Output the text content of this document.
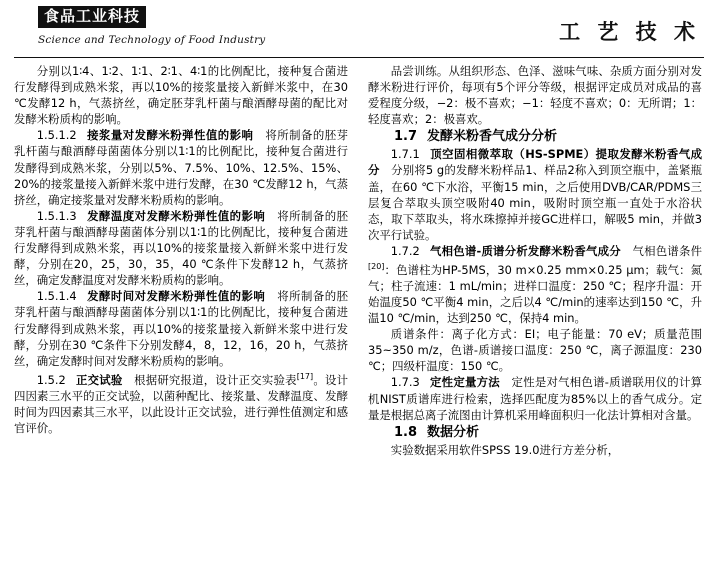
食品工业科技
Science and Technology of Food Industry	工 艺 技 术

分别以1∶4、1∶2、1∶1、2∶1、4∶1的比例配比，接种复合菌进行发酵得到成熟米浆，再以10%的接浆量接入新鲜米浆中，在30 ℃发酵12 h，气蒸挤丝，确定胚芽乳杆菌与酿酒酵母菌的配比对发酵米粉质构的影响。

1.5.1.2 接浆量对发酵米粉弹性值的影响　将所制备的胚芽乳杆菌与酿酒酵母菌菌体分别以1∶1的比例配比，接种复合菌进行发酵得到成熟米浆，分别以5%、7.5%、10%、12.5%、15%、20%的接浆量接入新鲜米浆中进行发酵，在30 ℃发酵12 h，气蒸挤丝，确定接浆量对发酵米粉质构的影响。

1.5.1.3 发酵温度对发酵米粉弹性值的影响　将所制备的胚芽乳杆菌与酿酒酵母菌菌体分别以1∶1的比例配比，接种复合菌进行发酵得到成熟米浆，再以10%的接浆量接入新鲜米浆中进行发酵，分别在20，25，30，35，40 ℃条件下发酵12 h，气蒸挤丝，确定发酵温度对发酵米粉质构的影响。

1.5.1.4 发酵时间对发酵米粉弹性值的影响　将所制备的胚芽乳杆菌与酿酒酵母菌菌体分别以1∶1的比例配比，接种复合菌进行发酵得到成熟米浆，再以10%的接浆量接入新鲜米浆中进行发酵，分别在30 ℃条件下分别发酵4，8，12，16，20 h，气蒸挤丝，确定发酵时间对发酵米粉质构的影响。

1.5.2 正交试验　根据研究报道，设计正交实验表[17]。设计四因素三水平的正交试验，以菌种配比、接浆量、发酵温度、发酵时间为四因素其三水平，以此设计正交试验，进行弹性值测定和感官评价。

品尝训练。从组织形态、色泽、滋味气味、杂质方面分别对发酵米粉进行评价，每项有5个评分等级，根据评定成员对成品的喜爱程度分级，−2：极不喜欢；−1：轻度不喜欢；0：无所谓；1：轻度喜欢；2：极喜欢。

1.7 发酵米粉香气成分分析

1.7.1 顶空固相微萃取（HS-SPME）提取发酵米粉香气成分　分别将5 g的发酵米粉样品1、样品2称入到顶空瓶中，盖紧瓶盖，在60 ℃下水浴，平衡15 min，之后使用DVB/CAR/PDMS三层复合萃取头顶空吸附40 min，吸附时顶空瓶一直处于水浴状态，取下萃取头，将水珠擦掉并接GC进样口，解吸5 min，并做3次平行试验。

1.7.2 气相色谱-质谱分析发酵米粉香气成分　气相色谱条件[20]：色谱柱为HP-5MS，30 m×0.25 mm×0.25 μm；载气：氮气；柱子流速：1 mL/min；进样口温度：250 ℃；程序升温：开始温度50 ℃平衡4 min，之后以4 ℃/min的速率达到150 ℃，升温10 ℃/min，达到250 ℃，保持4 min。

质谱条件：离子化方式：EI；电子能量：70 eV；质量范围35~350 m/z，色谱-质谱接口温度：250 ℃，离子源温度：230 ℃；四级杆温度：150 ℃。

1.7.3 定性定量方法　定性是对气相色谱-质谱联用仪的计算机NIST质谱库进行检索，选择匹配度为85%以上的香气成分。定量是根据总离子流图由计算机采用峰面积归一化法计算相对含量。

1.8 数据分析

实验数据采用软件SPSS 19.0进行方差分析，
